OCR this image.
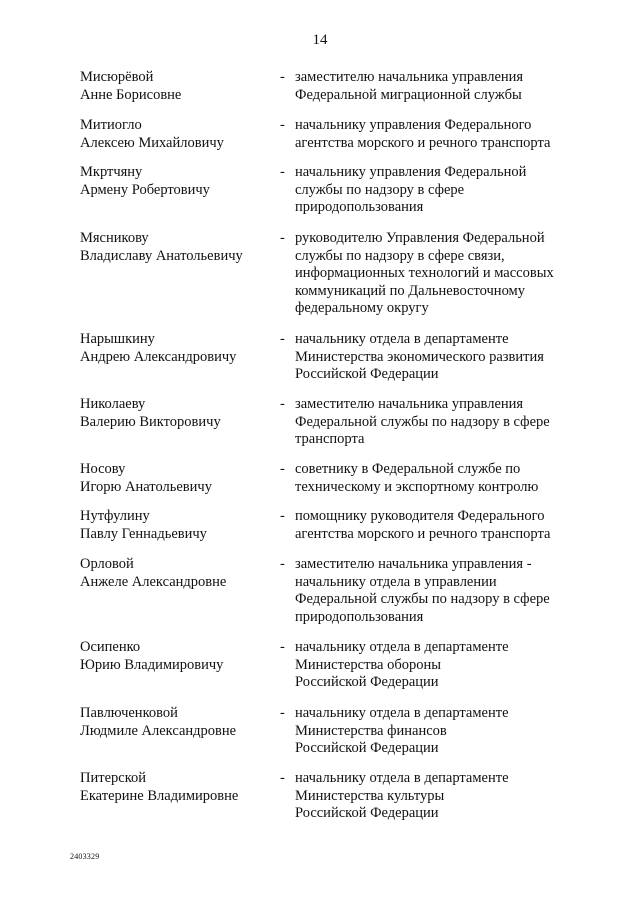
14
Мисюрёвой
Анне Борисовне
- заместителю начальника управления
Федеральной миграционной службы
Митиогло
Алексею Михайловичу
- начальнику управления Федерального
агентства морского и речного транспорта
Мкртчяну
Армену Робертовичу
- начальнику управления Федеральной
службы по надзору в сфере
природопользования
Мясникову
Владиславу Анатольевичу
- руководителю Управления Федеральной
службы по надзору в сфере связи,
информационных технологий и массовых
коммуникаций по Дальневосточному
федеральному округу
Нарышкину
Андрею Александровичу
- начальнику отдела в департаменте
Министерства экономического развития
Российской Федерации
Николаеву
Валерию Викторовичу
- заместителю начальника управления
Федеральной службы по надзору в сфере
транспорта
Носову
Игорю Анатольевичу
- советнику в Федеральной службе по
техническому и экспортному контролю
Нутфулину
Павлу Геннадьевичу
- помощнику руководителя Федерального
агентства морского и речного транспорта
Орловой
Анжеле Александровне
- заместителю начальника управления -
начальнику отдела в управлении
Федеральной службы по надзору в сфере
природопользования
Осипенко
Юрию Владимировичу
- начальнику отдела в департаменте
Министерства обороны
Российской Федерации
Павлюченковой
Людмиле Александровне
- начальнику отдела в департаменте
Министерства финансов
Российской Федерации
Питерской
Екатерине Владимировне
- начальнику отдела в департаменте
Министерства культуры
Российской Федерации
2403329
